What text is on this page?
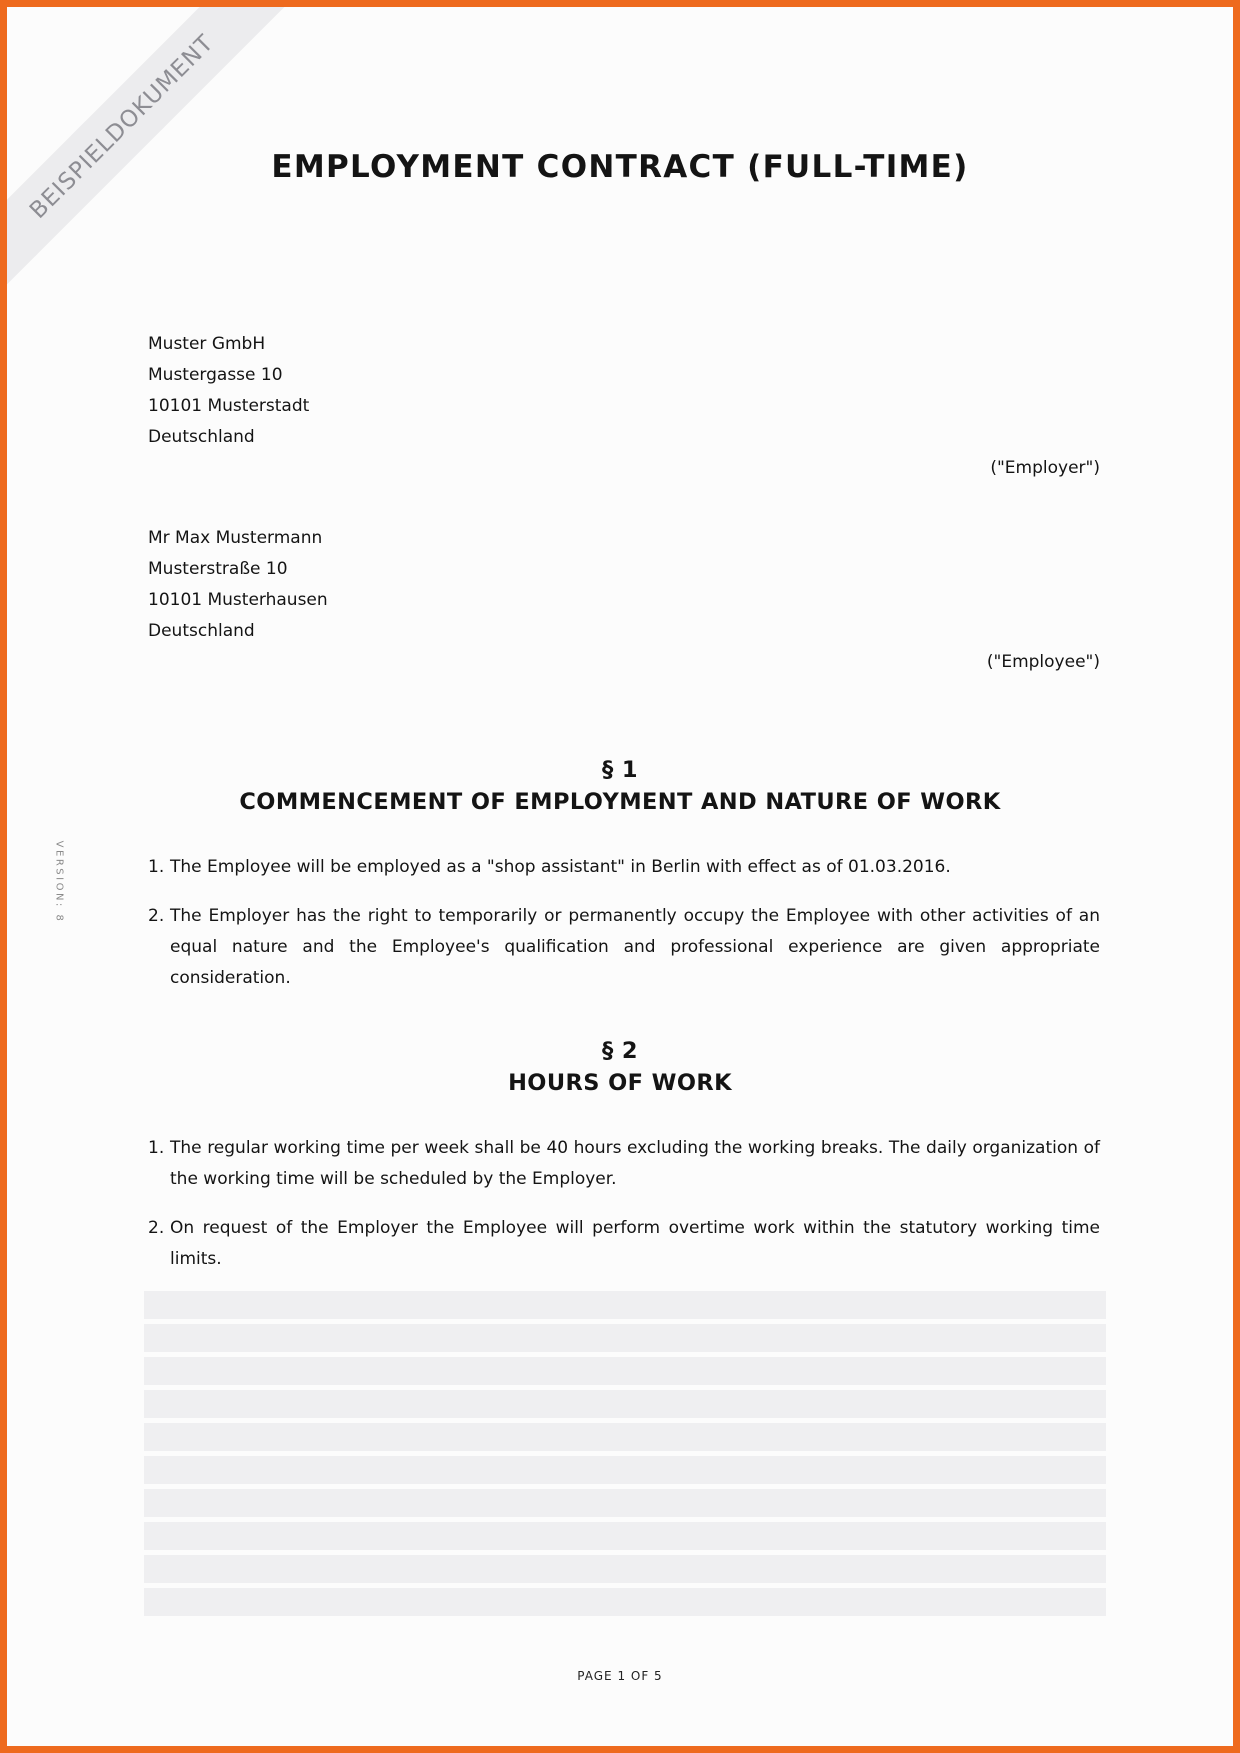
BEISPIELDOKUMENT
VERSION: 8
EMPLOYMENT CONTRACT (FULL-TIME)
Muster GmbH
Mustergasse 10
10101 Musterstadt
Deutschland
("Employer")
Mr Max Mustermann
Musterstraße 10
10101 Musterhausen
Deutschland
("Employee")
§ 1
COMMENCEMENT OF EMPLOYMENT AND NATURE OF WORK
1. The Employee will be employed as a "shop assistant" in Berlin with effect as of 01.03.2016.
2. The Employer has the right to temporarily or permanently occupy the Employee with other activities of an equal nature and the Employee's qualification and professional experience are given appropriate consideration.
§ 2
HOURS OF WORK
1. The regular working time per week shall be 40 hours excluding the working breaks. The daily organization of the working time will be scheduled by the Employer.
2. On request of the Employer the Employee will perform overtime work within the statutory working time limits.
PAGE 1 OF 5
